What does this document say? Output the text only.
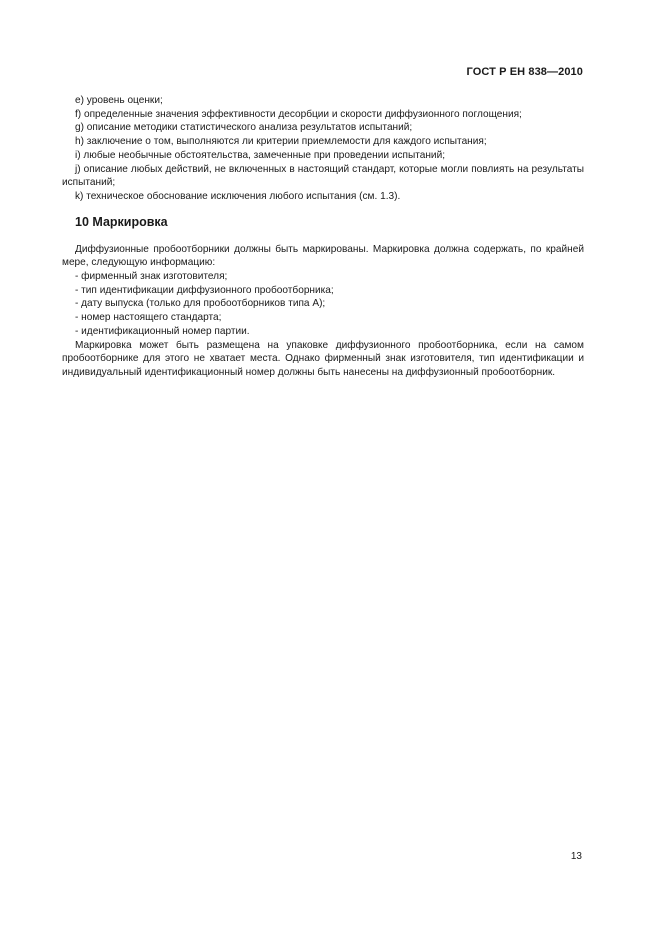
ГОСТ Р ЕН 838—2010

e) уровень оценки;

f) определенные значения эффективности десорбции и скорости диффузионного поглощения;

g) описание методики статистического анализа результатов испытаний;

h) заключение о том, выполняются ли критерии приемлемости для каждого испытания;

i) любые необычные обстоятельства, замеченные при проведении испытаний;

j) описание любых действий, не включенных в настоящий стандарт, которые могли повлиять на результаты испытаний;

k) техническое обоснование исключения любого испытания (см. 1.3).

10 Маркировка

Диффузионные пробоотборники должны быть маркированы. Маркировка должна содержать, по крайней мере, следующую информацию:

- фирменный знак изготовителя;

- тип идентификации диффузионного пробоотборника;

- дату выпуска (только для пробоотборников типа А);

- номер настоящего стандарта;

- идентификационный номер партии.

Маркировка может быть размещена на упаковке диффузионного пробоотборника, если на самом пробоотборнике для этого не хватает места. Однако фирменный знак изготовителя, тип идентификации и индивидуальный идентификационный номер должны быть нанесены на диффузионный пробоотборник.

13
